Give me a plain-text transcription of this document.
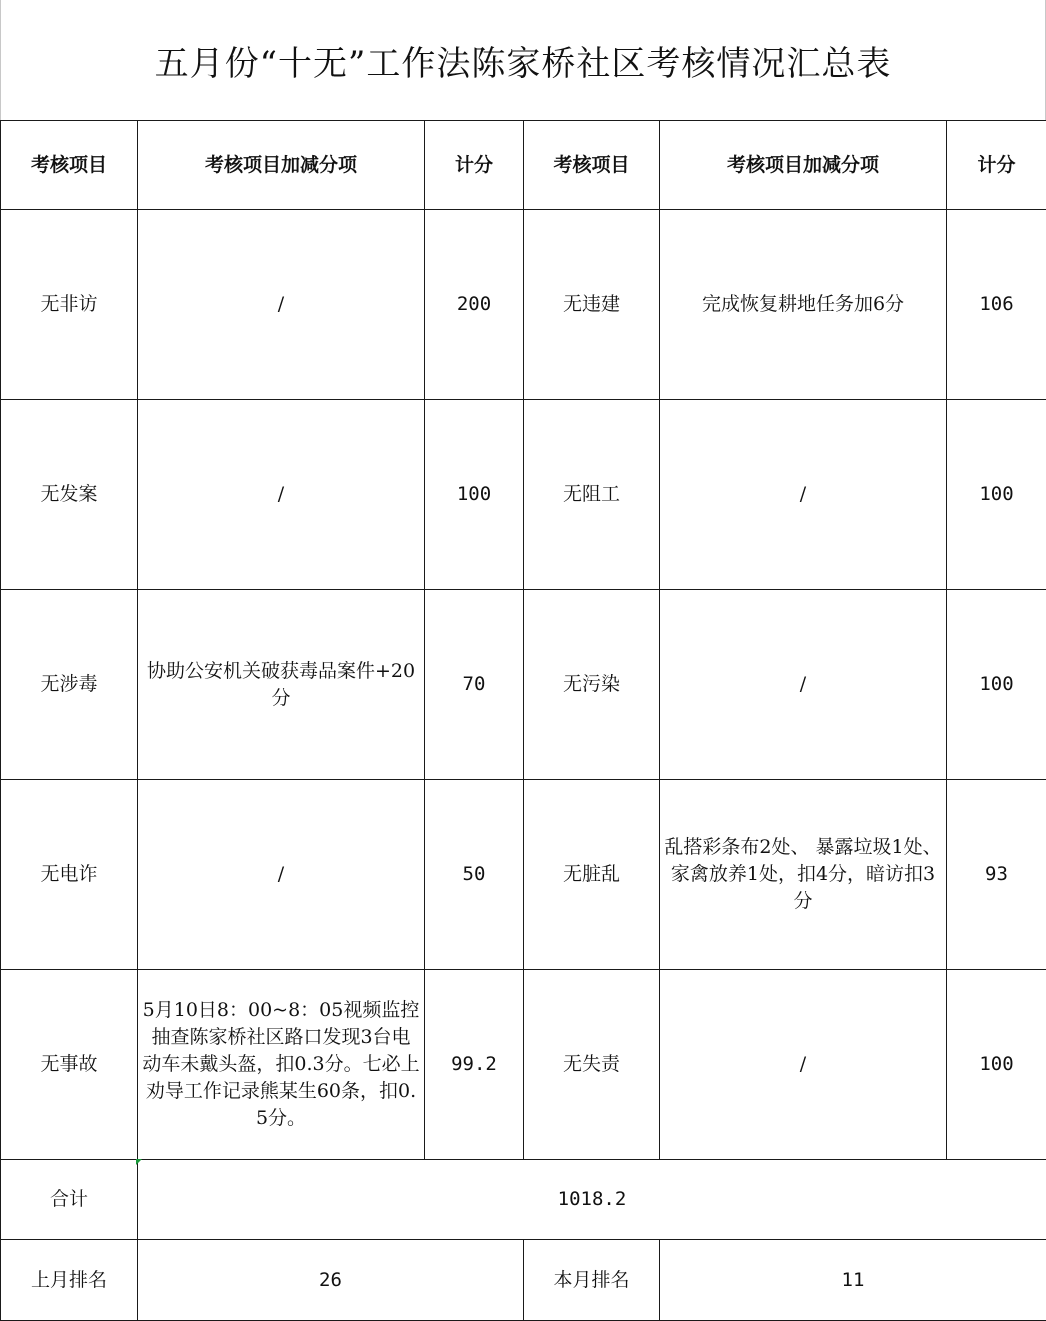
五月份“十无”工作法陈家桥社区考核情况汇总表
考核项目	考核项目加减分项	计分	考核项目	考核项目加减分项	计分
无非访	/	200	无违建	完成恢复耕地任务加6分	106
无发案	/	100	无阻工	/	100
无涉毒	协助公安机关破获毒品案件+20分	70	无污染	/	100
无电诈	/	50	无脏乱	乱搭彩条布2处、 暴露垃圾1处、家禽放养1处，扣4分，暗访扣3分	93
无事故	5月10日8：00~8：05视频监控抽查陈家桥社区路口发现3台电动车未戴头盔，扣0.3分。七必上劝导工作记录熊某生60条，扣0.5分。	99.2	无失责	/	100
合计	1018.2				
上月排名	26		本月排名	11	
